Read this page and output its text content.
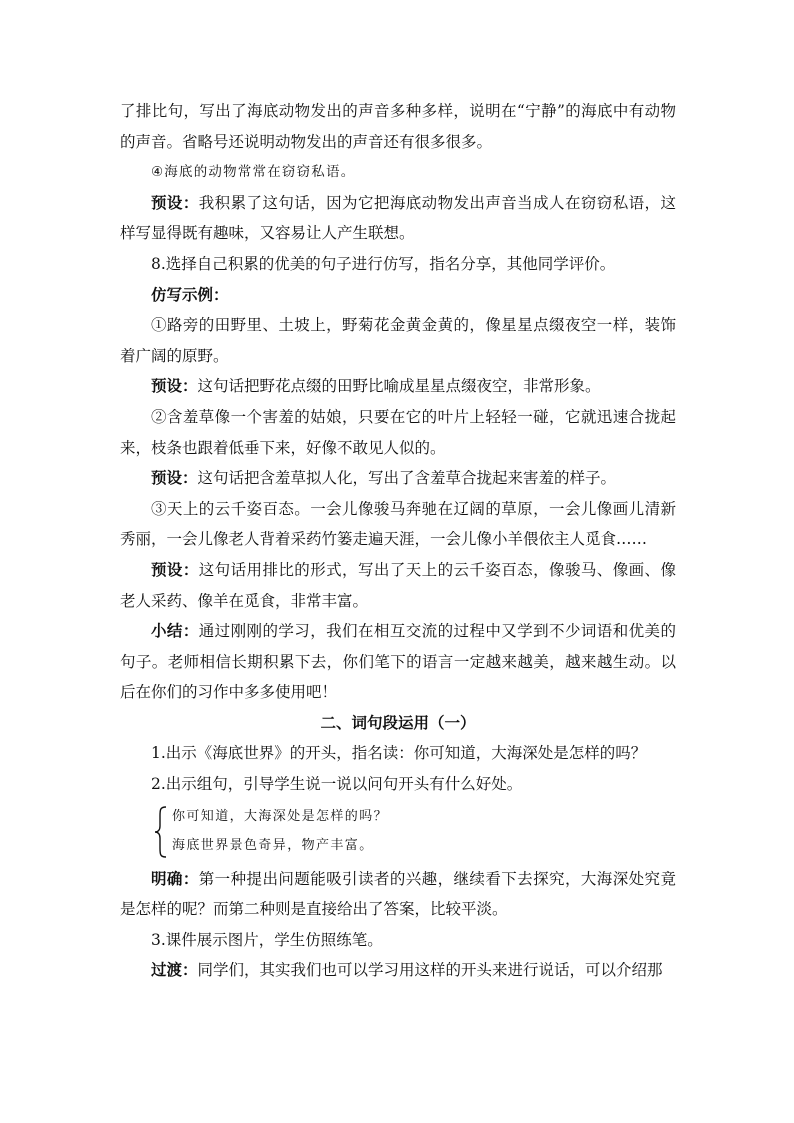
了排比句，写出了海底动物发出的声音多种多样，说明在“宁静”的海底中有动物的声音。省略号还说明动物发出的声音还有很多很多。

④海底的动物常常在窃窃私语。

预设：我积累了这句话，因为它把海底动物发出声音当成人在窃窃私语，这样写显得既有趣味，又容易让人产生联想。

8.选择自己积累的优美的句子进行仿写，指名分享，其他同学评价。

仿写示例：

①路旁的田野里、土坡上，野菊花金黄金黄的，像星星点缀夜空一样，装饰着广阔的原野。

预设：这句话把野花点缀的田野比喻成星星点缀夜空，非常形象。

②含羞草像一个害羞的姑娘，只要在它的叶片上轻轻一碰，它就迅速合拢起来，枝条也跟着低垂下来，好像不敢见人似的。

预设：这句话把含羞草拟人化，写出了含羞草合拢起来害羞的样子。

③天上的云千姿百态。一会儿像骏马奔驰在辽阔的草原，一会儿像画儿清新秀丽，一会儿像老人背着采药竹篓走遍天涯，一会儿像小羊偎依主人觅食……

预设：这句话用排比的形式，写出了天上的云千姿百态，像骏马、像画、像老人采药、像羊在觅食，非常丰富。

小结：通过刚刚的学习，我们在相互交流的过程中又学到不少词语和优美的句子。老师相信长期积累下去，你们笔下的语言一定越来越美，越来越生动。以后在你们的习作中多多使用吧！

二、词句段运用（一）

1.出示《海底世界》的开头，指名读：你可知道，大海深处是怎样的吗？

2.出示组句，引导学生说一说以问句开头有什么好处。

你可知道，大海深处是怎样的吗？

海底世界景色奇异，物产丰富。

明确：第一种提出问题能吸引读者的兴趣，继续看下去探究，大海深处究竟是怎样的呢？而第二种则是直接给出了答案，比较平淡。

3.课件展示图片，学生仿照练笔。

过渡：同学们，其实我们也可以学习用这样的开头来进行说话，可以介绍那
